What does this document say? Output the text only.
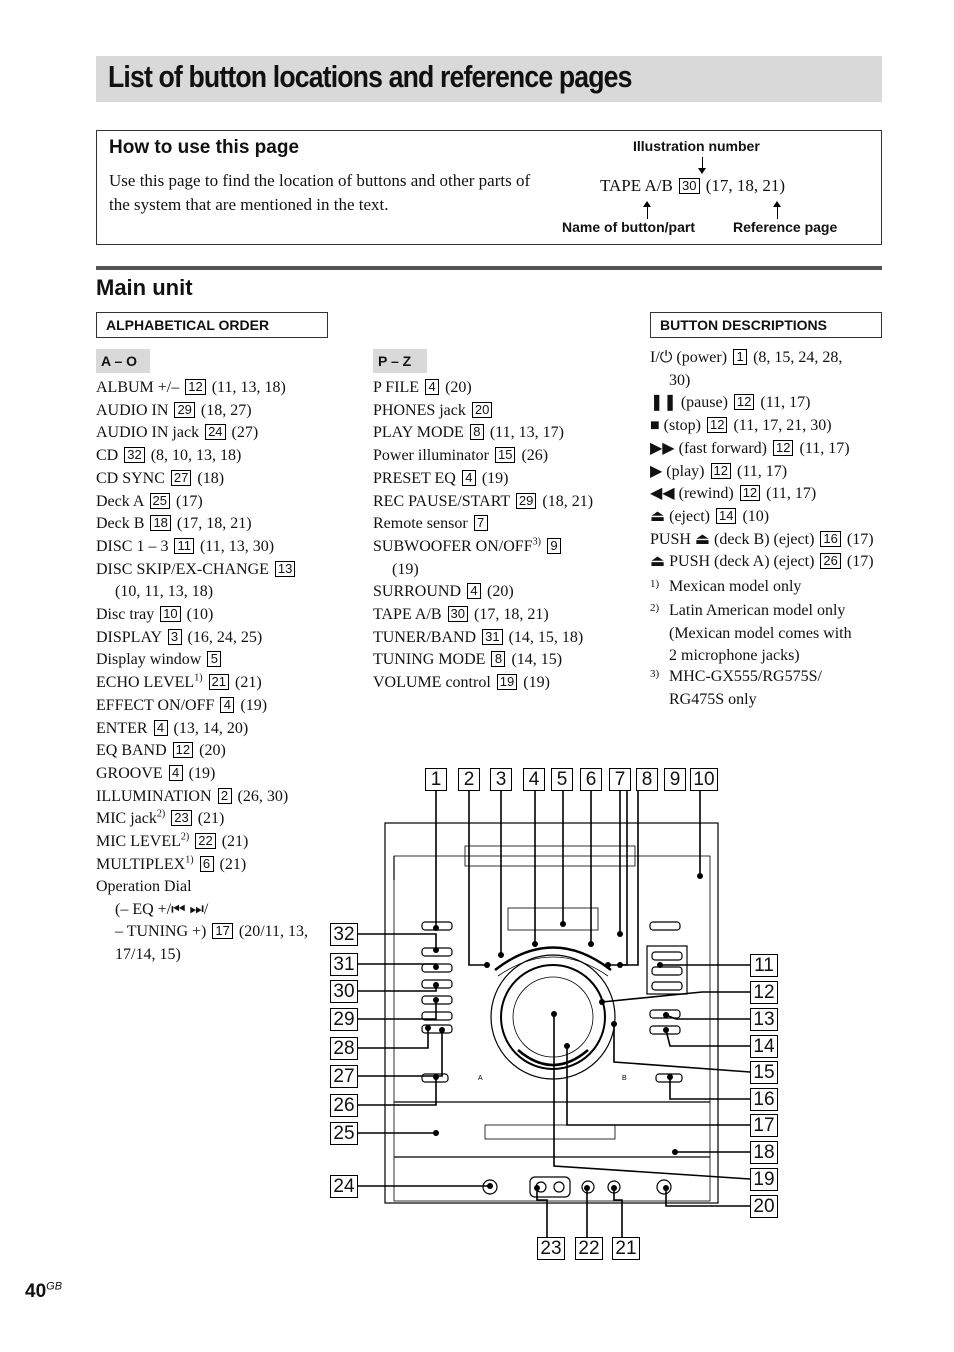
List of button locations and reference pages
How to use this page
Use this page to find the location of buttons and other parts of the system that are mentioned in the text.
Illustration number
TAPE A/B 30 (17, 18, 21)
Name of button/part	Reference page
Main unit
ALPHABETICAL ORDER	BUTTON DESCRIPTIONS
A – O	P – Z
ALBUM +/– 12 (11, 13, 18)
AUDIO IN 29 (18, 27)
AUDIO IN jack 24 (27)
CD 32 (8, 10, 13, 18)
CD SYNC 27 (18)
Deck A 25 (17)
Deck B 18 (17, 18, 21)
DISC 1 – 3 11 (11, 13, 30)
DISC SKIP/EX-CHANGE 13
(10, 11, 13, 18)
Disc tray 10 (10)
DISPLAY 3 (16, 24, 25)
Display window 5
ECHO LEVEL$^{1)}$ 21 (21)
EFFECT ON/OFF 4 (19)
ENTER 4 (13, 14, 20)
EQ BAND 12 (20)
GROOVE 4 (19)
ILLUMINATION 2 (26, 30)
MIC jack$^{2)}$ 23 (21)
MIC LEVEL$^{2)}$ 22 (21)
MULTIPLEX$^{1)}$ 6 (21)
Operation Dial
(– EQ +/⏮ ⏭/
– TUNING +) 17 (20/11, 13,
17/14, 15)
P FILE 4 (20)
PHONES jack 20
PLAY MODE 8 (11, 13, 17)
Power illuminator 15 (26)
PRESET EQ 4 (19)
REC PAUSE/START 29 (18, 21)
Remote sensor 7
SUBWOOFER ON/OFF$^{3)}$ 9
(19)
SURROUND 4 (20)
TAPE A/B 30 (17, 18, 21)
TUNER/BAND 31 (14, 15, 18)
TUNING MODE 8 (14, 15)
VOLUME control 19 (19)
I/⏻ (power) 1 (8, 15, 24, 28,
30)
❚❚ (pause) 12 (11, 17)
■ (stop) 12 (11, 17, 21, 30)
▶▶ (fast forward) 12 (11, 17)
▶ (play) 12 (11, 17)
◀◀ (rewind) 12 (11, 17)
⏏ (eject) 14 (10)
PUSH ⏏ (deck B) (eject) 16 (17)
⏏ PUSH (deck A) (eject) 26 (17)
1) Mexican model only
2) Latin American model only
(Mexican model comes with
2 microphone jacks)
3) MHC-GX555/RG575S/
RG475S only
A	B
1	2	3	4 5 6 7 8 9 10
32
31
30
29
28
27
26
25
24
11
12
13
14
15
16
17
18
19
20
23 22 21
$40^{GB}$
